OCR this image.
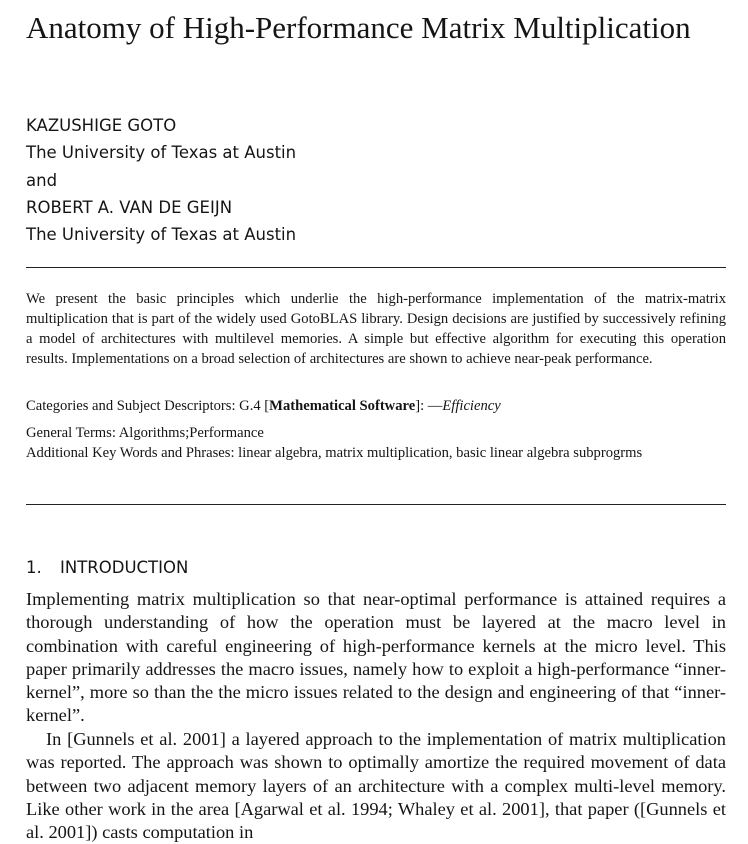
Anatomy of High-Performance Matrix Multiplication
KAZUSHIGE GOTO
The University of Texas at Austin
and
ROBERT A. VAN DE GEIJN
The University of Texas at Austin

We present the basic principles which underlie the high-performance implementation of the matrix-matrix multiplication that is part of the widely used GotoBLAS library. Design decisions are justified by successively refining a model of architectures with multilevel memories. A simple but effective algorithm for executing this operation results. Implementations on a broad selection of architectures are shown to achieve near-peak performance.

Categories and Subject Descriptors: G.4 [Mathematical Software]: —Efficiency
General Terms: Algorithms;Performance
Additional Key Words and Phrases: linear algebra, matrix multiplication, basic linear algebra subprogrms
1. INTRODUCTION

Implementing matrix multiplication so that near-optimal performance is attained requires a thorough understanding of how the operation must be layered at the macro level in combination with careful engineering of high-performance kernels at the micro level. This paper primarily addresses the macro issues, namely how to exploit a high-performance “inner-kernel”, more so than the the micro issues related to the design and engineering of that “inner-kernel”.

In [Gunnels et al. 2001] a layered approach to the implementation of matrix multiplication was reported. The approach was shown to optimally amortize the required movement of data between two adjacent memory layers of an architecture with a complex multi-level memory. Like other work in the area [Agarwal et al. 1994; Whaley et al. 2001], that paper ([Gunnels et al. 2001]) casts computation in
